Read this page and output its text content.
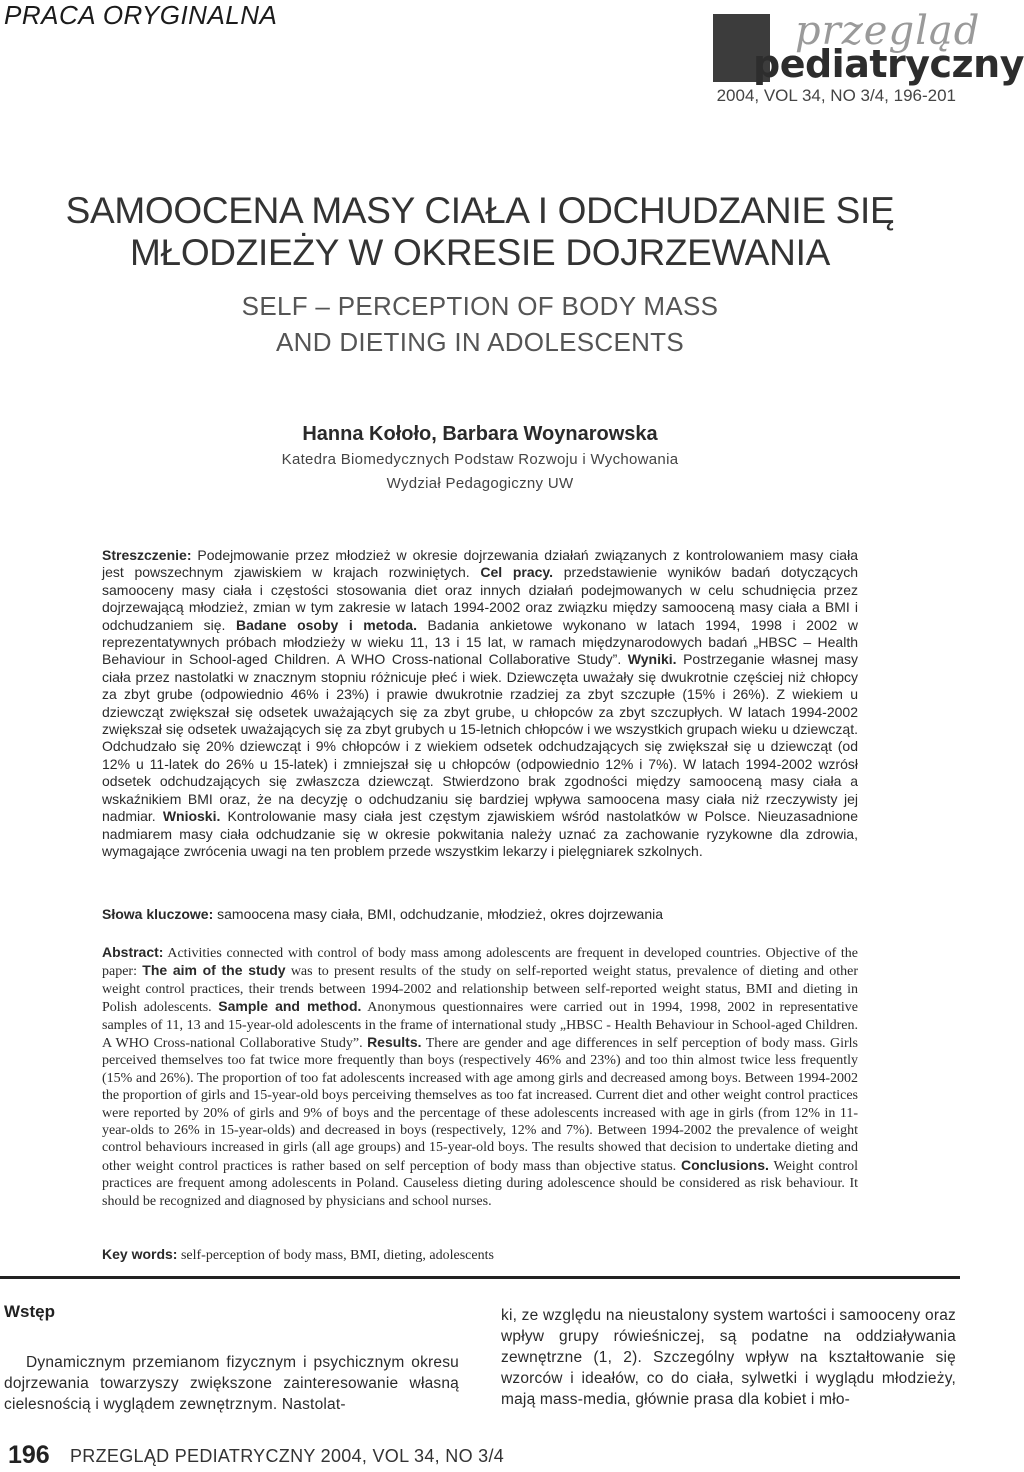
PRACA ORYGINALNA	przegląd
pediatryczny
2004, VOL 34, NO 3/4, 196-201
SAMOOCENA MASY CIAŁA I ODCHUDZANIE SIĘ
MŁODZIEŻY W OKRESIE DOJRZEWANIA
SELF – PERCEPTION OF BODY MASS
AND DIETING IN ADOLESCENTS
Hanna Kołoło, Barbara Woynarowska
Katedra Biomedycznych Podstaw Rozwoju i Wychowania
Wydział Pedagogiczny UW
Streszczenie: Podejmowanie przez młodzież w okresie dojrzewania działań związanych z kontrolowaniem masy ciała jest powszechnym zjawiskiem w krajach rozwiniętych. Cel pracy. przedstawienie wyników badań dotyczących samooceny masy ciała i częstości stosowania diet oraz innych działań podejmowanych w celu schudnięcia przez dojrzewającą młodzież, zmian w tym zakresie w latach 1994-2002 oraz związku między samooceną masy ciała a BMI i odchudzaniem się. Badane osoby i metoda. Badania ankietowe wykonano w latach 1994, 1998 i 2002 w reprezentatywnych próbach młodzieży w wieku 11, 13 i 15 lat, w ramach międzynarodowych badań „HBSC – Health Behaviour in School-aged Children. A WHO Cross-national Collaborative Study”. Wyniki. Postrzeganie własnej masy ciała przez nastolatki w znacznym stopniu różnicuje płeć i wiek. Dziewczęta uważały się dwukrotnie częściej niż chłopcy za zbyt grube (odpowiednio 46% i 23%) i prawie dwukrotnie rzadziej za zbyt szczupłe (15% i 26%). Z wiekiem u dziewcząt zwiększał się odsetek uważających się za zbyt grube, u chłopców za zbyt szczupłych. W latach 1994-2002 zwiększał się odsetek uważających się za zbyt grubych u 15-letnich chłopców i we wszystkich grupach wieku u dziewcząt. Odchudzało się 20% dziewcząt i 9% chłopców i z wiekiem odsetek odchudzających się zwiększał się u dziewcząt (od 12% u 11-latek do 26% u 15-latek) i zmniejszał się u chłopców (odpowiednio 12% i 7%). W latach 1994-2002 wzrósł odsetek odchudzających się zwłaszcza dziewcząt. Stwierdzono brak zgodności między samooceną masy ciała a wskaźnikiem BMI oraz, że na decyzję o odchudzaniu się bardziej wpływa samoocena masy ciała niż rzeczywisty jej nadmiar. Wnioski. Kontrolowanie masy ciała jest częstym zjawiskiem wśród nastolatków w Polsce. Nieuzasadnione nadmiarem masy ciała odchudzanie się w okresie pokwitania należy uznać za zachowanie ryzykowne dla zdrowia, wymagające zwrócenia uwagi na ten problem przede wszystkim lekarzy i pielęgniarek szkolnych.
Słowa kluczowe: samoocena masy ciała, BMI, odchudzanie, młodzież, okres dojrzewania
Abstract: Activities connected with control of body mass among adolescents are frequent in developed countries. Objective of the paper: The aim of the study was to present results of the study on self-reported weight status, prevalence of dieting and other weight control practices, their trends between 1994-2002 and relationship between self-reported weight status, BMI and dieting in Polish adolescents. Sample and method. Anonymous questionnaires were carried out in 1994, 1998, 2002 in representative samples of 11, 13 and 15-year-old adolescents in the frame of international study „HBSC - Health Behaviour in School-aged Children. A WHO Cross-national Collaborative Study”. Results. There are gender and age differences in self perception of body mass. Girls perceived themselves too fat twice more frequently than boys (respectively 46% and 23%) and too thin almost twice less frequently (15% and 26%). The proportion of too fat adolescents increased with age among girls and decreased among boys. Between 1994-2002 the proportion of girls and 15-year-old boys perceiving themselves as too fat increased. Current diet and other weight control practices were reported by 20% of girls and 9% of boys and the percentage of these adolescents increased with age in girls (from 12% in 11-year-olds to 26% in 15-year-olds) and decreased in boys (respectively, 12% and 7%). Between 1994-2002 the prevalence of weight control behaviours increased in girls (all age groups) and 15-year-old boys. The results showed that decision to undertake dieting and other weight control practices is rather based on self perception of body mass than objective status. Conclusions. Weight control practices are frequent among adolescents in Poland. Causeless dieting during adolescence should be considered as risk behaviour. It should be recognized and diagnosed by physicians and school nurses.
Key words: self-perception of body mass, BMI, dieting, adolescents
Wstęp

Dynamicznym przemianom fizycznym i psychicznym okresu dojrzewania towarzyszy zwiększone zainteresowanie własną cielesnością i wyglądem zewnętrznym. Nastolat-

ki, ze względu na nieustalony system wartości i samooceny oraz wpływ grupy rówieśniczej, są podatne na oddziaływania zewnętrzne (1, 2). Szczególny wpływ na kształtowanie się wzorców i ideałów, co do ciała, sylwetki i wyglądu młodzieży, mają mass-media, głównie prasa dla kobiet i mło-
196 PRZEGLĄD PEDIATRYCZNY 2004, VOL 34, NO 3/4
